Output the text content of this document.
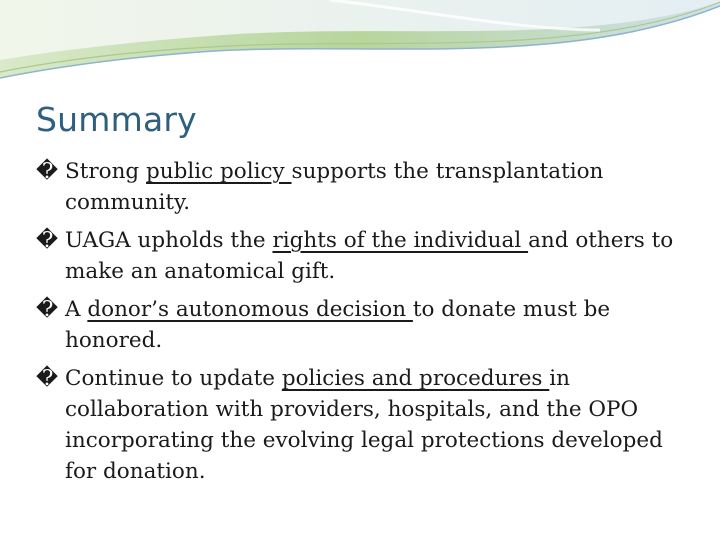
Summary
� Strong public policy supports the transplantation community.
� UAGA upholds the rights of the individual and others to make an anatomical gift.
� A donor’s autonomous decision to donate must be honored.
� Continue to update policies and procedures in collaboration with providers, hospitals, and the OPO incorporating the evolving legal protections developed for donation.
